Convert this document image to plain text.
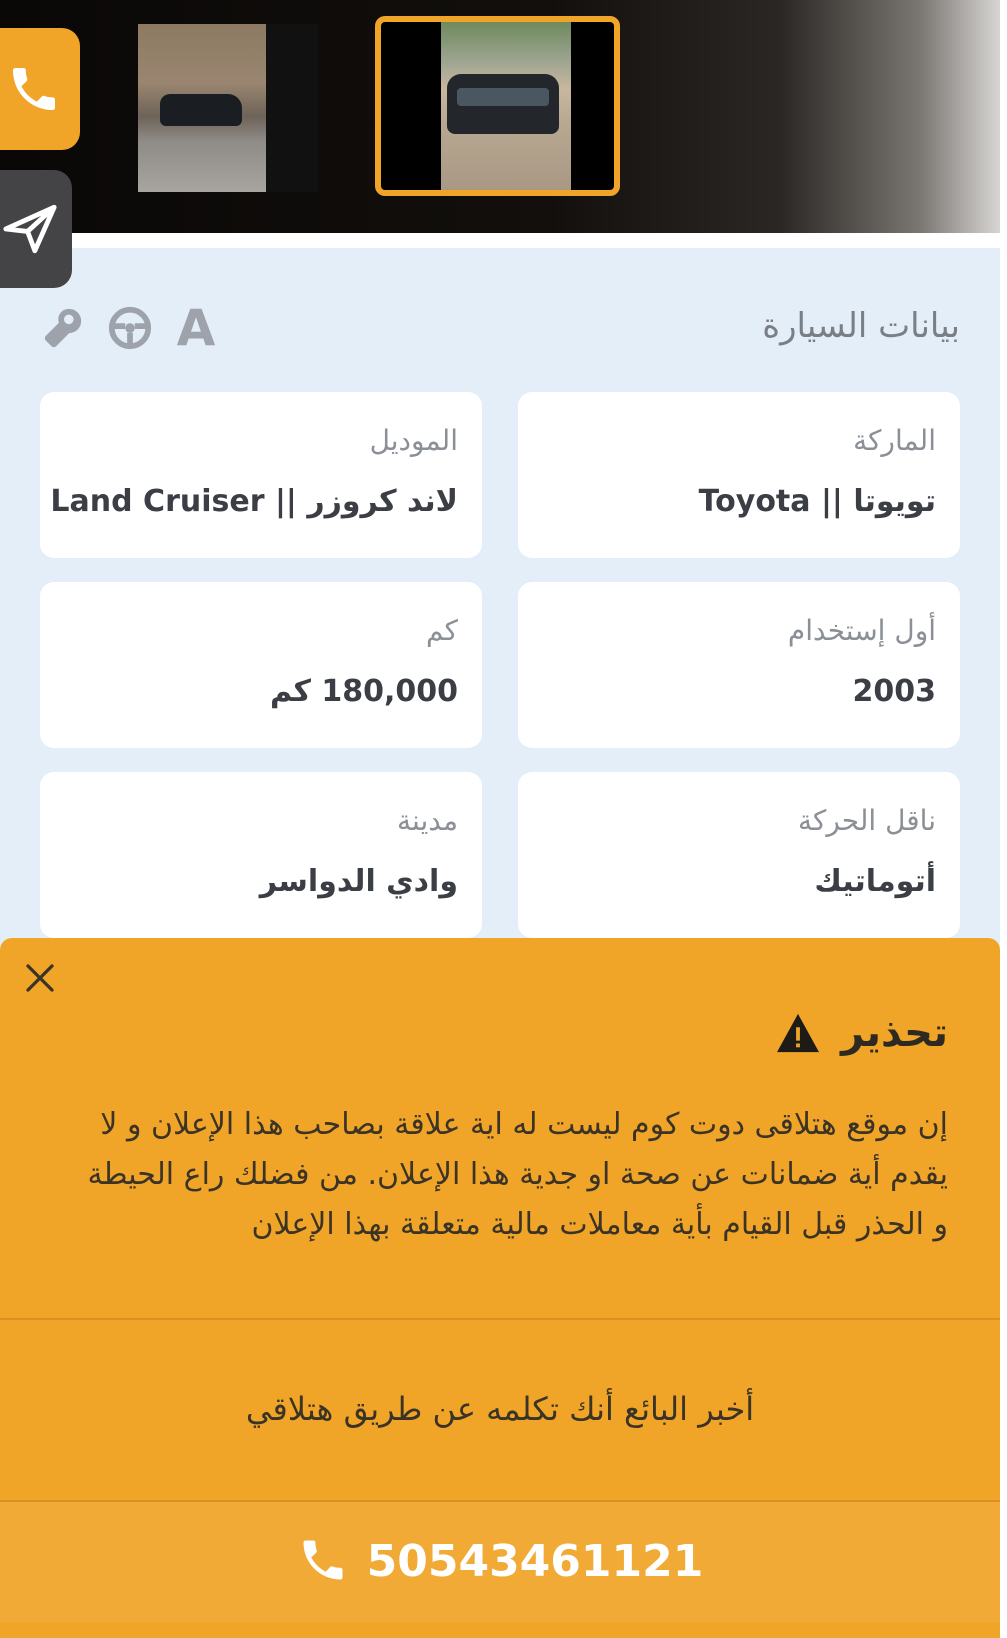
بيانات السيارة
A
الماركة
تويوتا || Toyota
الموديل
لاند كروزر || Land Cruiser
أول إستخدام
2003
كم
180,000 كم
ناقل الحركة
أتوماتيك
مدينة
وادي الدواسر
تحذير
إن موقع هتلاقى دوت كوم ليست له اية علاقة بصاحب هذا الإعلان و لا يقدم أية ضمانات عن صحة او جدية هذا الإعلان. من فضلك راع الحيطة و الحذر قبل القيام بأية معاملات مالية متعلقة بهذا الإعلان
أخبر البائع أنك تكلمه عن طريق هتلاقي
50543461121
